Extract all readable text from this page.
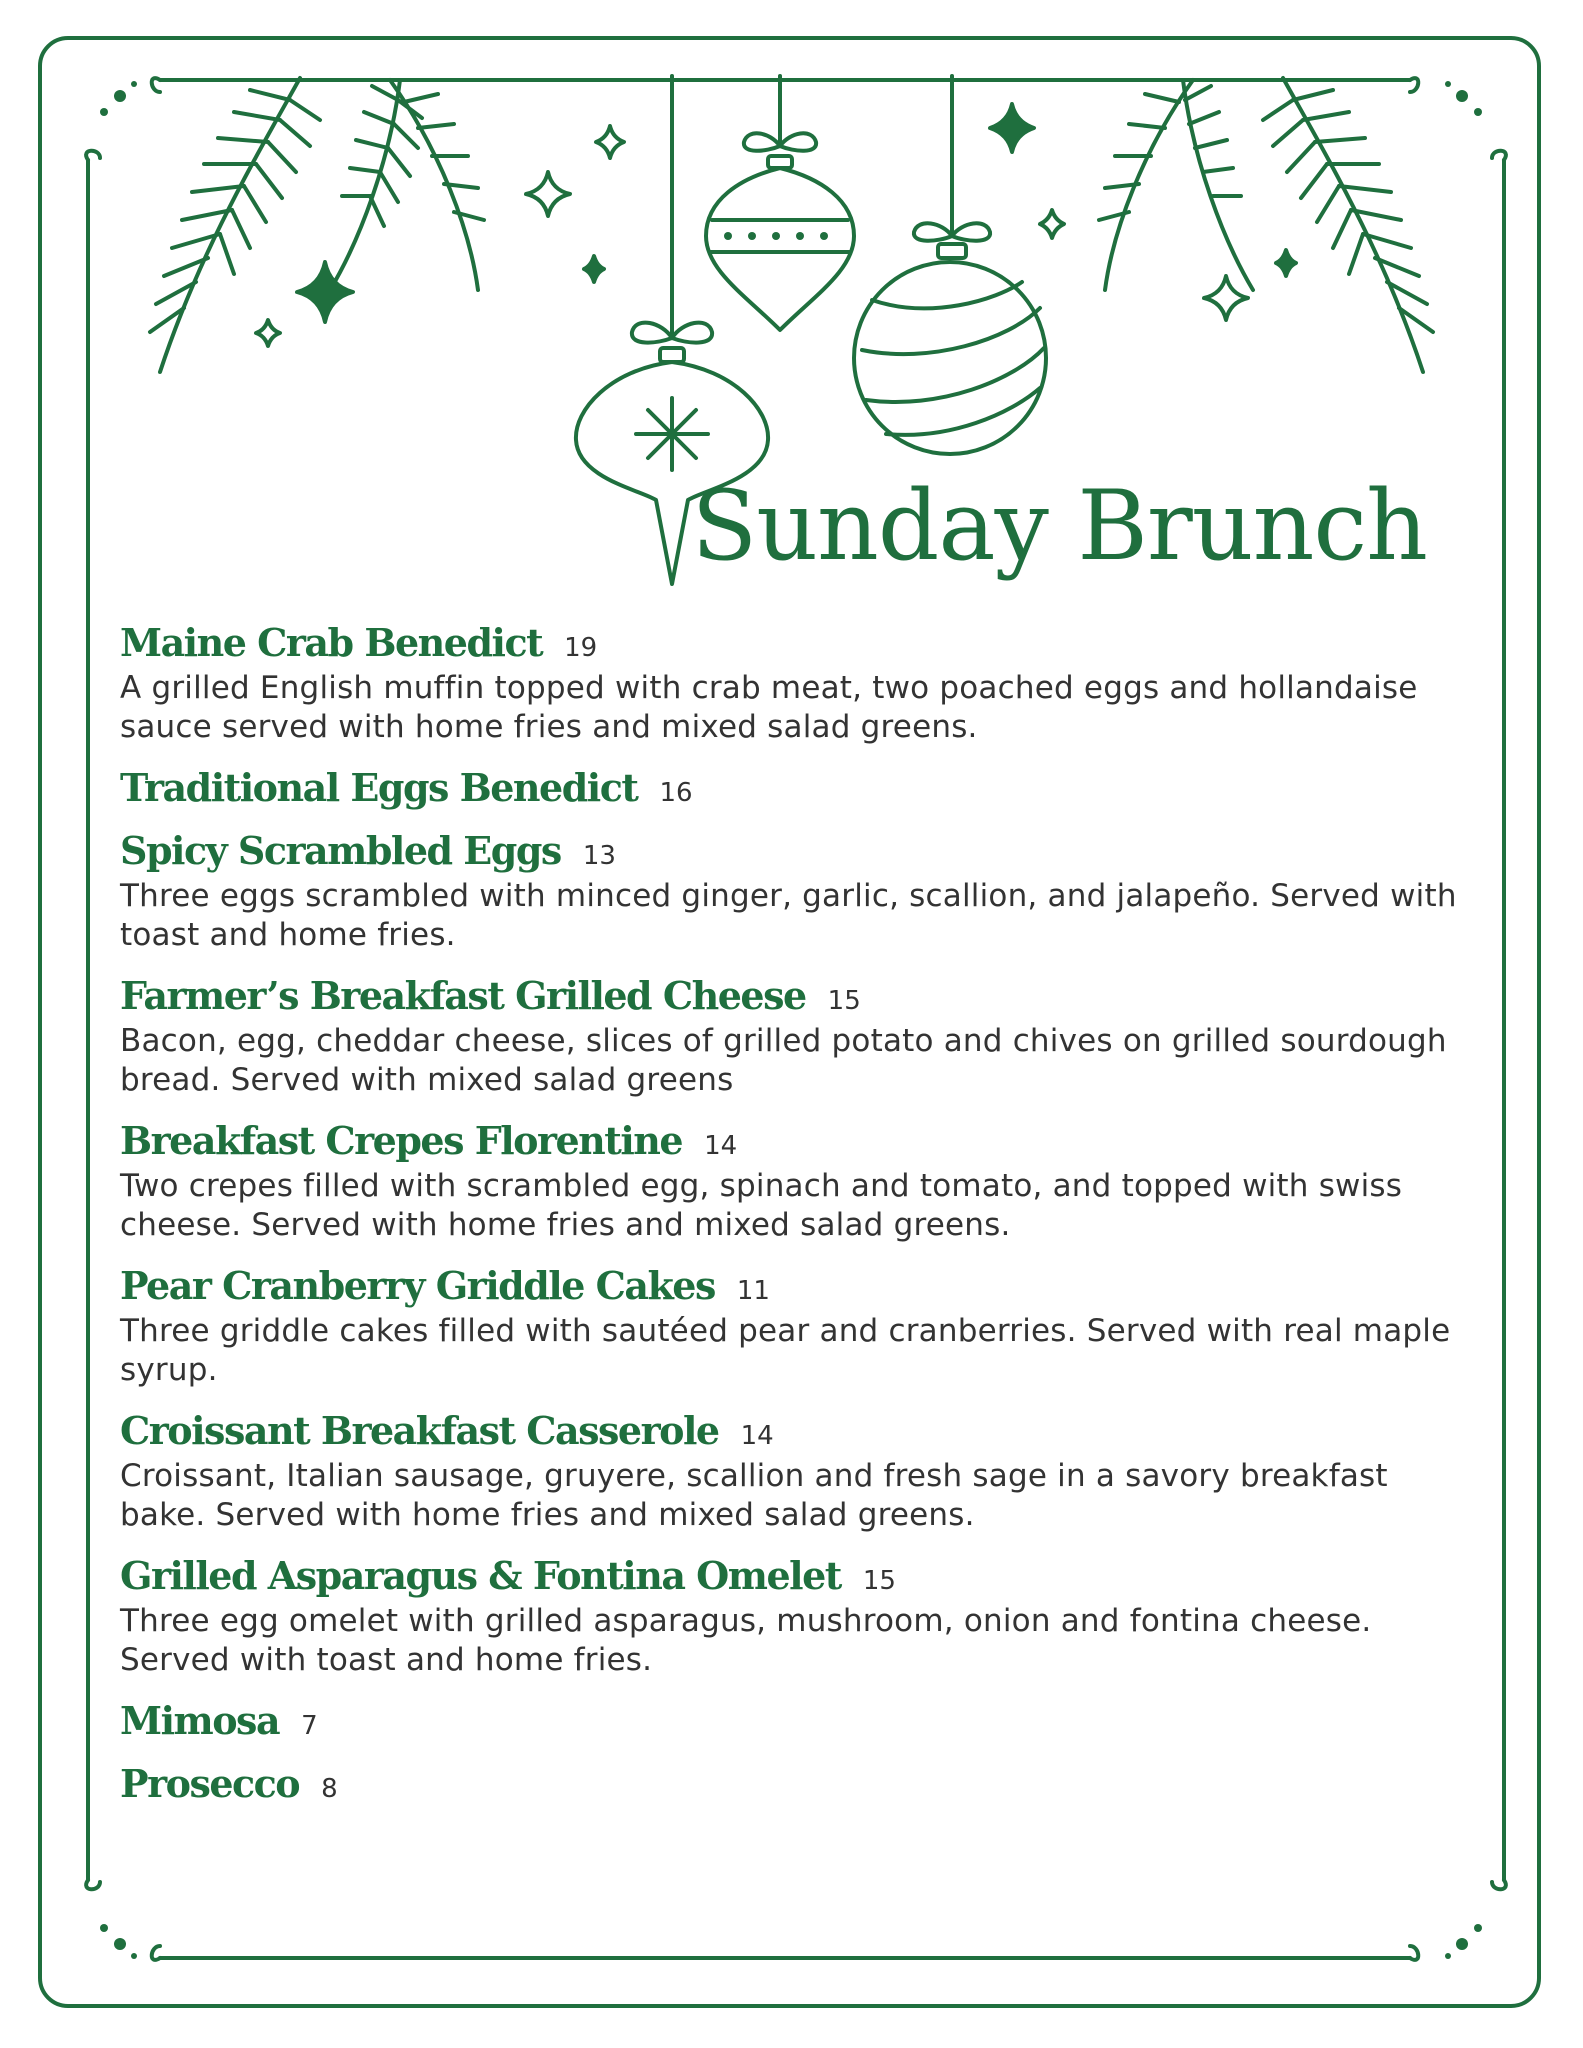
Sunday Brunch
Maine Crab Benedict 19
A grilled English muffin topped with crab meat, two poached eggs and hollandaise sauce served with home fries and mixed salad greens.
Traditional Eggs Benedict 16
Spicy Scrambled Eggs 13
Three eggs scrambled with minced ginger, garlic, scallion, and jalapeño. Served with toast and home fries.
Farmer’s Breakfast Grilled Cheese 15
Bacon, egg, cheddar cheese, slices of grilled potato and chives on grilled sourdough bread. Served with mixed salad greens
Breakfast Crepes Florentine 14
Two crepes filled with scrambled egg, spinach and tomato, and topped with swiss cheese. Served with home fries and mixed salad greens.
Pear Cranberry Griddle Cakes 11
Three griddle cakes filled with sautéed pear and cranberries. Served with real maple syrup.
Croissant Breakfast Casserole 14
Croissant, Italian sausage, gruyere, scallion and fresh sage in a savory breakfast bake. Served with home fries and mixed salad greens.
Grilled Asparagus & Fontina Omelet 15
Three egg omelet with grilled asparagus, mushroom, onion and fontina cheese. Served with toast and home fries.
Mimosa 7
Prosecco 8
